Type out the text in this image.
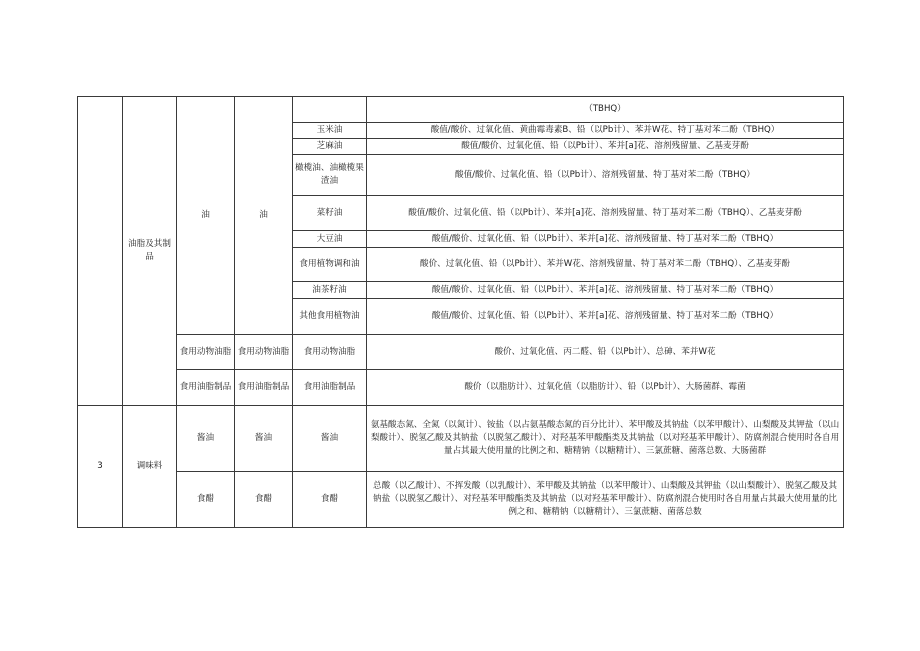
	油脂及其制品	油	油		（TBHQ）
				玉米油	酸值/酸价、过氧化值、黄曲霉毒素B、铅（以Pb计）、苯并W花、特丁基对苯二酚（TBHQ）
				芝麻油	酸值/酸价、过氧化值、铅（以Pb计）、苯并[a]花、溶剂残留量、乙基麦芽酚
				橄榄油、油橄榄果渣油	酸值/酸价、过氧化值、铅（以Pb计）、溶剂残留量、特丁基对苯二酚（TBHQ）
				菜籽油	酸值/酸价、过氧化值、铅（以Pb计）、苯并[a]花、溶剂残留量、特丁基对苯二酚（TBHQ）、乙基麦芽酚
				大豆油	酸值/酸价、过氧化值、铅（以Pb计）、苯并[a]花、溶剂残留量、特丁基对苯二酚（TBHQ）
				食用植物调和油	酸价、过氧化值、铅（以Pb计）、苯并W花、溶剂残留量、特丁基对苯二酚（TBHQ）、乙基麦芽酚
				油茶籽油	酸值/酸价、过氧化值、铅（以Pb计）、苯并[a]花、溶剂残留量、特丁基对苯二酚（TBHQ）
				其他食用植物油	酸值/酸价、过氧化值、铅（以Pb计）、苯并[a]花、溶剂残留量、特丁基对苯二酚（TBHQ）
		食用动物油脂	食用动物油脂	食用动物油脂	酸价、过氧化值、丙二醛、铅（以Pb计）、总砷、苯并W花
		食用油脂制品	食用油脂制品	食用油脂制品	酸价（以脂肪计）、过氧化值（以脂肪计）、铅（以Pb计）、大肠菌群、霉菌
3	调味料	酱油	酱油	酱油	氨基酸态氮、全氮（以氮计）、铵盐（以占氨基酸态氮的百分比计）、苯甲酸及其钠盐（以苯甲酸计）、山梨酸及其钾盐（以山梨酸计）、脱氢乙酸及其钠盐（以脱氢乙酸计）、对羟基苯甲酸酯类及其钠盐（以对羟基苯甲酸计）、防腐剂混合使用时各自用量占其最大使用量的比例之和、糖精钠（以糖精计）、三氯蔗糖、菌落总数、大肠菌群
		食醋	食醋	食醋	总酸（以乙酸计）、不挥发酸（以乳酸计）、苯甲酸及其钠盐（以苯甲酸计）、山梨酸及其钾盐（以山梨酸计）、脱氢乙酸及其钠盐（以脱氢乙酸计）、对羟基苯甲酸酯类及其钠盐（以对羟基苯甲酸计）、防腐剂混合使用时各自用量占其最大使用量的比例之和、糖精钠（以糖精计）、三氯蔗糖、菌落总数
